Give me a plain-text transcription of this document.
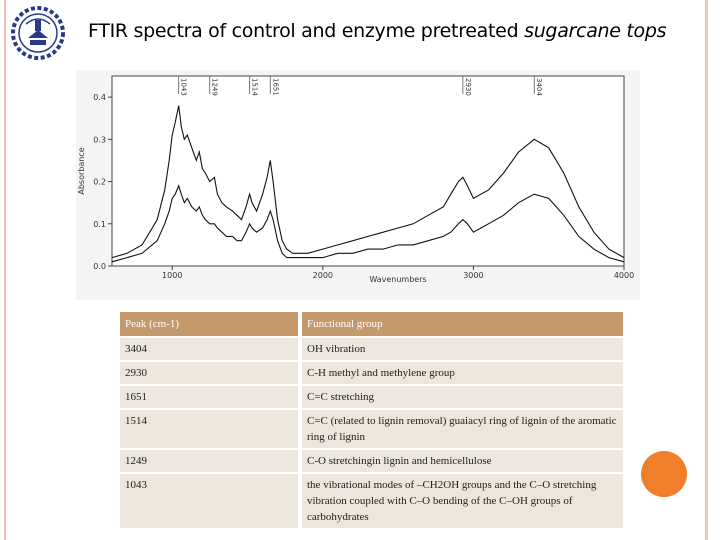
FTIR spectra of control and enzyme pretreated sugarcane tops
0.0
0.1
0.2
0.3
0.4
1000	2000	3000	4000
1043	1249	1514 1651	2930	3404
Wavenumbers
Absorbance
Peak (cm-1)	Functional group
3404	OH vibration
2930	C-H methyl and methylene group
1651	C=C stretching
1514	C=C (related to lignin removal) guaiacyl ring of lignin of the aromatic ring of lignin
1249	C-O stretchingin lignin and hemicellulose
1043	the vibrational modes of –CH2OH groups and the C–O stretching vibration coupled with C–O bending of the C–OH groups of carbohydrates
